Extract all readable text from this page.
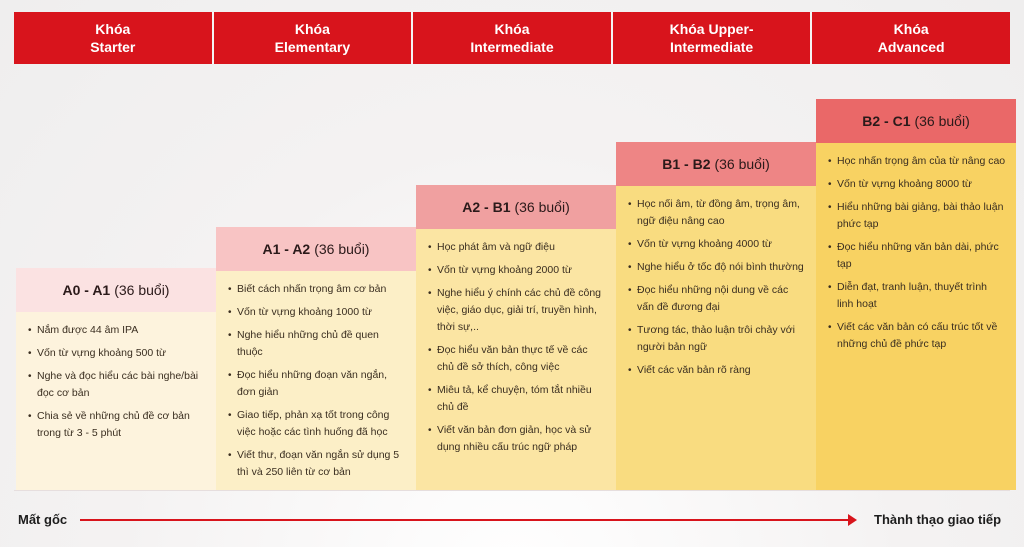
Khóa
Starter
Khóa
Elementary
Khóa
Intermediate
Khóa Upper-
Intermediate
Khóa
Advanced
A0 - A1 (36 buổi)
• Nắm được 44 âm IPA
• Vốn từ vựng khoảng 500 từ
• Nghe và đọc hiểu các bài nghe/bài đọc cơ bản
• Chia sẻ về những chủ đề cơ bản trong từ 3 - 5 phút
A1 - A2 (36 buổi)
• Biết cách nhấn trọng âm cơ bản
• Vốn từ vựng khoảng 1000 từ
• Nghe hiểu những chủ đề quen thuộc
• Đọc hiểu những đoạn văn ngắn, đơn giản
• Giao tiếp, phản xạ tốt trong công việc hoặc các tình huống đã học
• Viết thư, đoạn văn ngắn sử dụng 5 thì và 250 liên từ cơ bản
A2 - B1 (36 buổi)
• Học phát âm và ngữ điệu
• Vốn từ vựng khoảng 2000 từ
• Nghe hiểu ý chính các chủ đề công việc, giáo dục, giải trí, truyền hình, thời sự,..
• Đọc hiểu văn bản thực tế về các chủ đề sở thích, công việc
• Miêu tả, kể chuyện, tóm tắt nhiều chủ đề
• Viết văn bản đơn giản, học và sử dụng nhiều cấu trúc ngữ pháp
B1 - B2 (36 buổi)
• Học nối âm, từ đồng âm, trọng âm, ngữ điệu nâng cao
• Vốn từ vựng khoảng 4000 từ
• Nghe hiểu ở tốc độ nói bình thường
• Đọc hiểu những nội dung về các vấn đề đương đại
• Tương tác, thảo luận trôi chảy với người bản ngữ
• Viết các văn bản rõ ràng
B2 - C1 (36 buổi)
• Học nhấn trọng âm của từ nâng cao
• Vốn từ vựng khoảng 8000 từ
• Hiểu những bài giảng, bài thảo luận phức tạp
• Đọc hiểu những văn bản dài, phức tạp
• Diễn đạt, tranh luận, thuyết trình linh hoạt
• Viết các văn bản có cấu trúc tốt về những chủ đề phức tạp
Mất gốc	Thành thạo giao tiếp
